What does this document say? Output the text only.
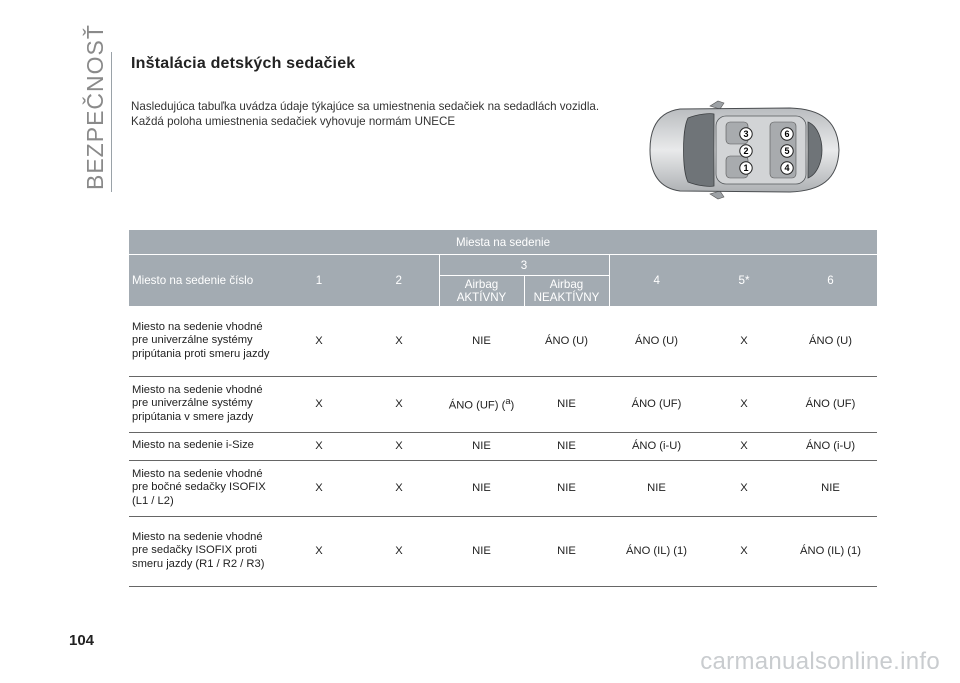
BEZPEČNOSŤ Inštalácia detských sedačiek

Nasledujúca tabuľka uvádza údaje týkajúce sa umiestnenia sedačiek na sedadlách vozidla.

Každá poloha umiestnenia sedačiek vyhovuje normám UNECE

3
2
1
6
5
4
Miesta na sedenie							
Miesto na sedenie číslo	1	2	3		4	5*	6
			Airbag AKTÍVNY	Airbag NEAKTÍVNY			
Miesto na sedenie vhodné pre univerzálne systémy pripútania proti smeru jazdy	X	X	NIE	ÁNO (U)	ÁNO (U)	X	ÁNO (U)
Miesto na sedenie vhodné pre univerzálne systémy pripútania v smere jazdy	X	X	ÁNO (UF) ($^a$)	NIE	ÁNO (UF)	X	ÁNO (UF)
Miesto na sedenie i-Size	X	X	NIE	NIE	ÁNO (i-U)	X	ÁNO (i-U)
Miesto na sedenie vhodné pre bočné sedačky ISOFIX (L1 / L2)	X	X	NIE	NIE	NIE	X	NIE
Miesto na sedenie vhodné pre sedačky ISOFIX proti smeru jazdy (R1 / R2 / R3)	X	X	NIE	NIE	ÁNO (IL) (1)	X	ÁNO (IL) (1)
104
carmanualsonline.info
